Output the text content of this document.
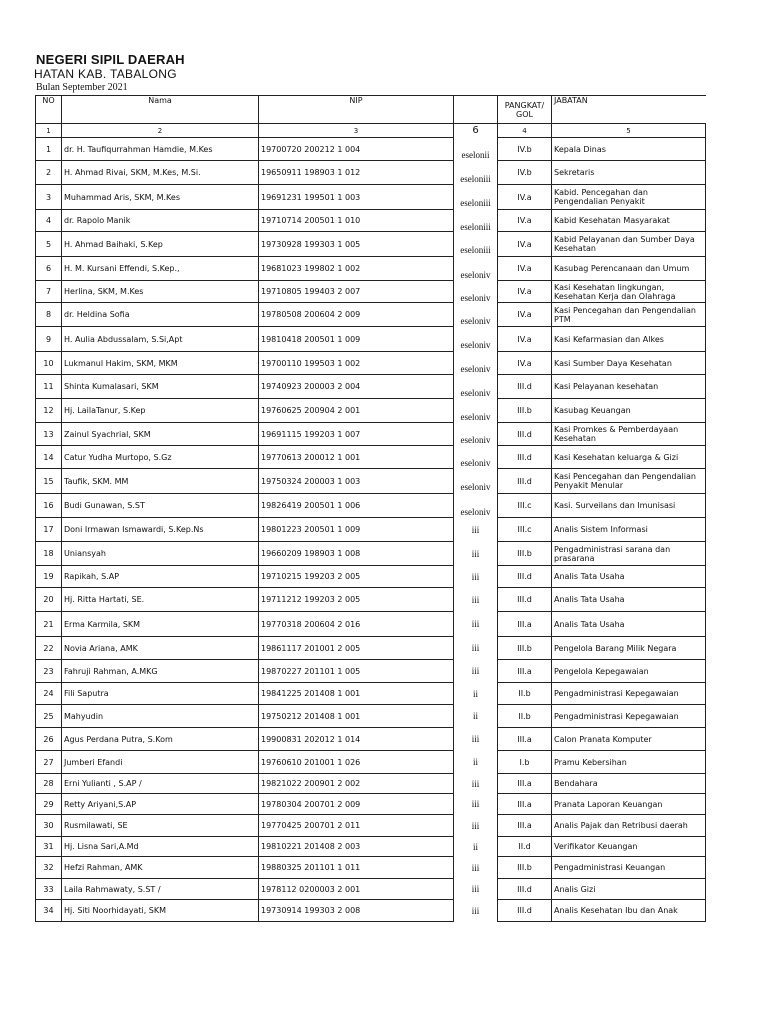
NEGERI SIPIL DAERAH
HATAN KAB. TABALONG
Bulan September 2021
NO	Nama	NIP		PANGKAT/ GOL	JABATAN
1	2	3	6	4	5
1	dr. H. Taufiqurrahman Hamdie, M.Kes	19700720 200212 1 004	eselonii	IV.b	Kepala Dinas
2	H. Ahmad Rivai, SKM, M.Kes, M.Si.	19650911 198903 1 012	eseloniii	IV.b	Sekretaris
3	Muhammad Aris, SKM, M.Kes	19691231 199501 1 003	eseloniii	IV.a	Kabid. Pencegahan dan Pengendalian Penyakit
4	dr. Rapolo Manik	19710714 200501 1 010	eseloniii	IV.a	Kabid Kesehatan Masyarakat
5	H. Ahmad Baihaki, S.Kep	19730928 199303 1 005	eseloniii	IV.a	Kabid Pelayanan dan Sumber Daya Kesehatan
6	H. M. Kursani Effendi, S.Kep.,	19681023 199802 1 002	eseloniv	IV.a	Kasubag Perencanaan dan Umum
7	Herlina, SKM, M.Kes	19710805 199403 2 007	eseloniv	IV.a	Kasi Kesehatan lingkungan, Kesehatan Kerja dan Olahraga
8	dr. Heldina Sofia	19780508 200604 2 009	eseloniv	IV.a	Kasi Pencegahan dan Pengendalian PTM
9	H. Aulia Abdussalam, S.Si,Apt	19810418 200501 1 009	eseloniv	IV.a	Kasi Kefarmasian dan Alkes
10	Lukmanul Hakim, SKM, MKM	19700110 199503 1 002	eseloniv	IV.a	Kasi Sumber Daya Kesehatan
11	Shinta Kumalasari, SKM	19740923 200003 2 004	eseloniv	III.d	Kasi Pelayanan kesehatan
12	Hj. LailaTanur, S.Kep	19760625 200904 2 001	eseloniv	III.b	Kasubag Keuangan
13	Zainul Syachrial, SKM	19691115 199203 1 007	eseloniv	III.d	Kasi Promkes & Pemberdayaan Kesehatan
14	Catur Yudha Murtopo, S.Gz	19770613 200012 1 001	eseloniv	III.d	Kasi Kesehatan keluarga & Gizi
15	Taufik, SKM. MM	19750324 200003 1 003	eseloniv	III.d	Kasi Pencegahan dan Pengendalian Penyakit Menular
16	Budi Gunawan, S.ST	19826419 200501 1 006	eseloniv	III.c	Kasi. Surveilans dan Imunisasi
17	Doni Irmawan Ismawardi, S.Kep.Ns	19801223 200501 1 009	iii	III.c	Analis Sistem Informasi
18	Uniansyah	19660209 198903 1 008	iii	III.b	Pengadministrasi sarana dan prasarana
19	Rapikah, S.AP	19710215 199203 2 005	iii	III.d	Analis Tata Usaha
20	Hj. Ritta Hartati, SE.	19711212 199203 2 005	iii	III.d	Analis Tata Usaha
21	Erma Karmila, SKM	19770318 200604 2 016	iii	III.a	Analis Tata Usaha
22	Novia Ariana, AMK	19861117 201001 2 005	iii	III.b	Pengelola Barang Milik Negara
23	Fahruji Rahman, A.MKG	19870227 201101 1 005	iii	III.a	Pengelola Kepegawaian
24	Fili Saputra	19841225 201408 1 001	ii	II.b	Pengadministrasi Kepegawaian
25	Mahyudin	19750212 201408 1 001	ii	II.b	Pengadministrasi Kepegawaian
26	Agus Perdana Putra, S.Kom	19900831 202012 1 014	iii	III.a	Calon Pranata Komputer
27	Jumberi Efandi	19760610 201001 1 026	ii	I.b	Pramu Kebersihan
28	Erni Yulianti , S.AP /	19821022 200901 2 002	iii	III.a	Bendahara
29	Retty Ariyani,S.AP	19780304 200701 2 009	iii	III.a	Pranata Laporan Keuangan
30	Rusmilawati, SE	19770425 200701 2 011	iii	III.a	Analis Pajak dan Retribusi daerah
31	Hj. Lisna Sari,A.Md	19810221 201408 2 003	ii	II.d	Verifikator Keuangan
32	Hefzi Rahman, AMK	19880325 201101 1 011	iii	III.b	Pengadministrasi Keuangan
33	Laila Rahmawaty, S.ST /	1978112 0200003 2 001	iii	III.d	Analis Gizi
34	Hj. Siti Noorhidayati, SKM	19730914 199303 2 008	iii	III.d	Analis Kesehatan Ibu dan Anak
